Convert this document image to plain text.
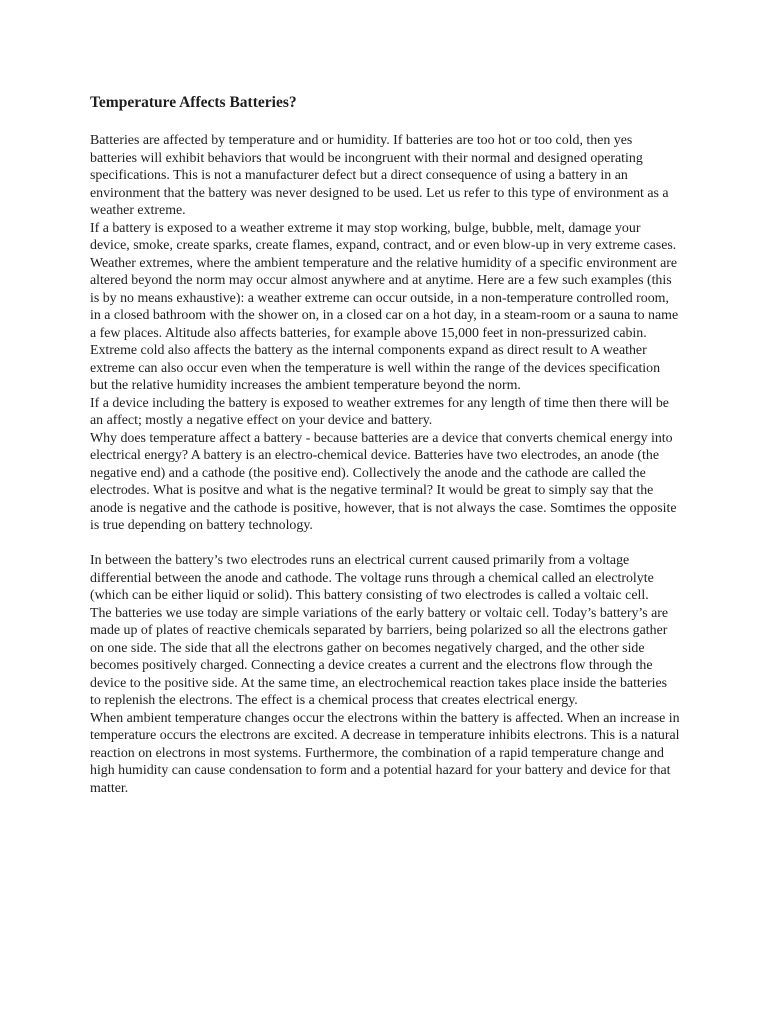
Temperature Affects Batteries?

Batteries are affected by temperature and or humidity. If batteries are too hot or too cold, then yes batteries will exhibit behaviors that would be incongruent with their normal and designed operating specifications. This is not a manufacturer defect but a direct consequence of using a battery in an environment that the battery was never designed to be used. Let us refer to this type of environment as a weather extreme.

If a battery is exposed to a weather extreme it may stop working, bulge, bubble, melt, damage your device, smoke, create sparks, create flames, expand, contract, and or even blow-up in very extreme cases.

Weather extremes, where the ambient temperature and the relative humidity of a specific environment are altered beyond the norm may occur almost anywhere and at anytime. Here are a few such examples (this is by no means exhaustive): a weather extreme can occur outside, in a non-temperature controlled room, in a closed bathroom with the shower on, in a closed car on a hot day, in a steam-room or a sauna to name a few places. Altitude also affects batteries, for example above 15,000 feet in non-pressurized cabin. Extreme cold also affects the battery as the internal components expand as direct result to A weather extreme can also occur even when the temperature is well within the range of the devices specification but the relative humidity increases the ambient temperature beyond the norm.

If a device including the battery is exposed to weather extremes for any length of time then there will be an affect; mostly a negative effect on your device and battery.

Why does temperature affect a battery - because batteries are a device that converts chemical energy into electrical energy? A battery is an electro-chemical device. Batteries have two electrodes, an anode (the negative end) and a cathode (the positive end). Collectively the anode and the cathode are called the electrodes. What is positve and what is the negative terminal? It would be great to simply say that the anode is negative and the cathode is positive, however, that is not always the case. Somtimes the opposite is true depending on battery technology.

In between the battery’s two electrodes runs an electrical current caused primarily from a voltage differential between the anode and cathode. The voltage runs through a chemical called an electrolyte (which can be either liquid or solid). This battery consisting of two electrodes is called a voltaic cell.

The batteries we use today are simple variations of the early battery or voltaic cell. Today’s battery’s are made up of plates of reactive chemicals separated by barriers, being polarized so all the electrons gather on one side. The side that all the electrons gather on becomes negatively charged, and the other side becomes positively charged. Connecting a device creates a current and the electrons flow through the device to the positive side. At the same time, an electrochemical reaction takes place inside the batteries to replenish the electrons. The effect is a chemical process that creates electrical energy.

When ambient temperature changes occur the electrons within the battery is affected. When an increase in temperature occurs the electrons are excited. A decrease in temperature inhibits electrons. This is a natural reaction on electrons in most systems. Furthermore, the combination of a rapid temperature change and high humidity can cause condensation to form and a potential hazard for your battery and device for that matter.
